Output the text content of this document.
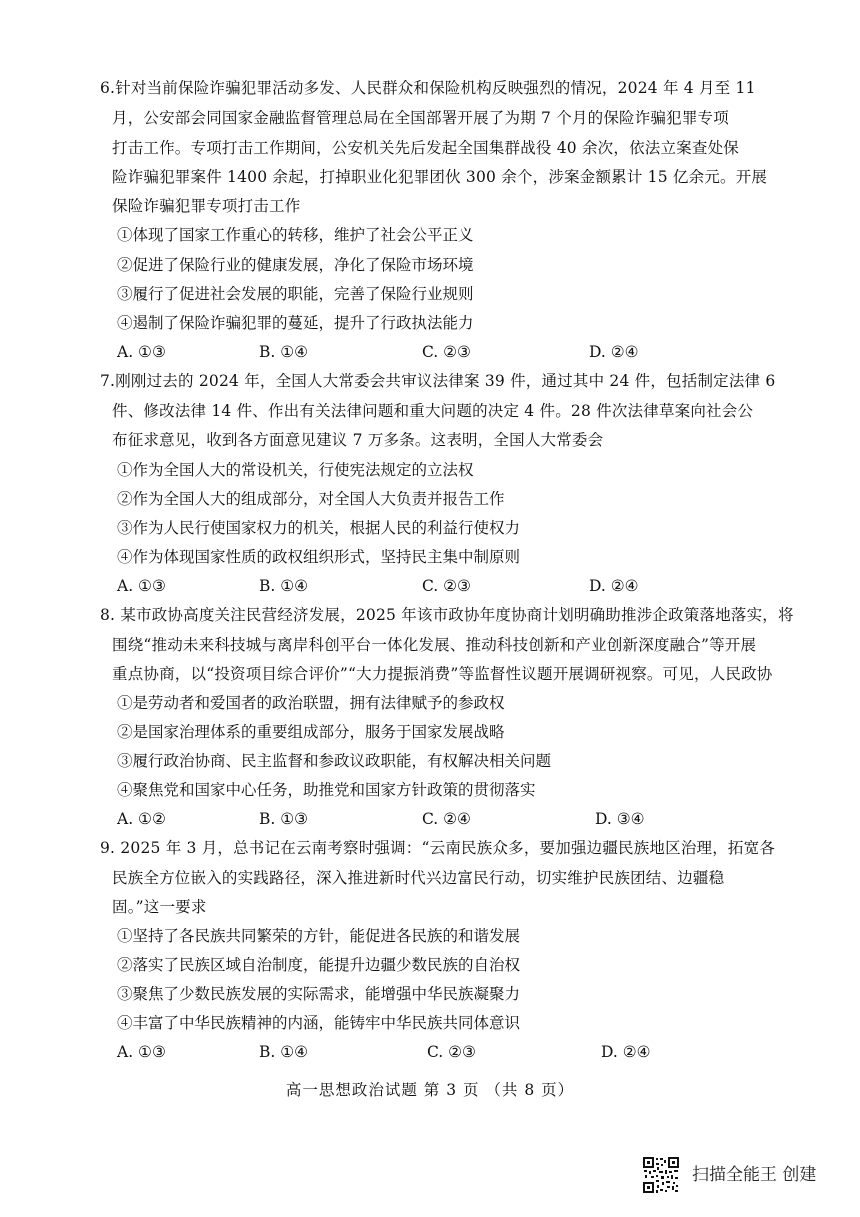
6.针对当前保险诈骗犯罪活动多发、人民群众和保险机构反映强烈的情况，2024 年 4 月至 11
月，公安部会同国家金融监督管理总局在全国部署开展了为期 7 个月的保险诈骗犯罪专项
打击工作。专项打击工作期间，公安机关先后发起全国集群战役 40 余次，依法立案查处保
险诈骗犯罪案件 1400 余起，打掉职业化犯罪团伙 300 余个，涉案金额累计 15 亿余元。开展
保险诈骗犯罪专项打击工作
①体现了国家工作重心的转移，维护了社会公平正义
②促进了保险行业的健康发展，净化了保险市场环境
③履行了促进社会发展的职能，完善了保险行业规则
④遏制了保险诈骗犯罪的蔓延，提升了行政执法能力
A. ①③	B. ①④	C. ②③	D. ②④
7.刚刚过去的 2024 年，全国人大常委会共审议法律案 39 件，通过其中 24 件，包括制定法律 6
件、修改法律 14 件、作出有关法律问题和重大问题的决定 4 件。28 件次法律草案向社会公
布征求意见，收到各方面意见建议 7 万多条。这表明，全国人大常委会
①作为全国人大的常设机关，行使宪法规定的立法权
②作为全国人大的组成部分，对全国人大负责并报告工作
③作为人民行使国家权力的机关，根据人民的利益行使权力
④作为体现国家性质的政权组织形式，坚持民主集中制原则
A. ①③	B. ①④	C. ②③	D. ②④
8. 某市政协高度关注民营经济发展，2025 年该市政协年度协商计划明确助推涉企政策落地落实，将
围绕“推动未来科技城与离岸科创平台一体化发展、推动科技创新和产业创新深度融合”等开展
重点协商，以“投资项目综合评价”“大力提振消费”等监督性议题开展调研视察。可见，人民政协
①是劳动者和爱国者的政治联盟，拥有法律赋予的参政权
②是国家治理体系的重要组成部分，服务于国家发展战略
③履行政治协商、民主监督和参政议政职能，有权解决相关问题
④聚焦党和国家中心任务，助推党和国家方针政策的贯彻落实
A. ①②	B. ①③	C. ②④	D. ③④
9. 2025 年 3 月，总书记在云南考察时强调：“云南民族众多，要加强边疆民族地区治理，拓宽各
民族全方位嵌入的实践路径，深入推进新时代兴边富民行动，切实维护民族团结、边疆稳
固。”这一要求
①坚持了各民族共同繁荣的方针，能促进各民族的和谐发展
②落实了民族区域自治制度，能提升边疆少数民族的自治权
③聚焦了少数民族发展的实际需求，能增强中华民族凝聚力
④丰富了中华民族精神的内涵，能铸牢中华民族共同体意识
A. ①③	B. ①④	C. ②③	D. ②④
高一思想政治试题 第 3 页 （共 8 页）
扫描全能王 创建
